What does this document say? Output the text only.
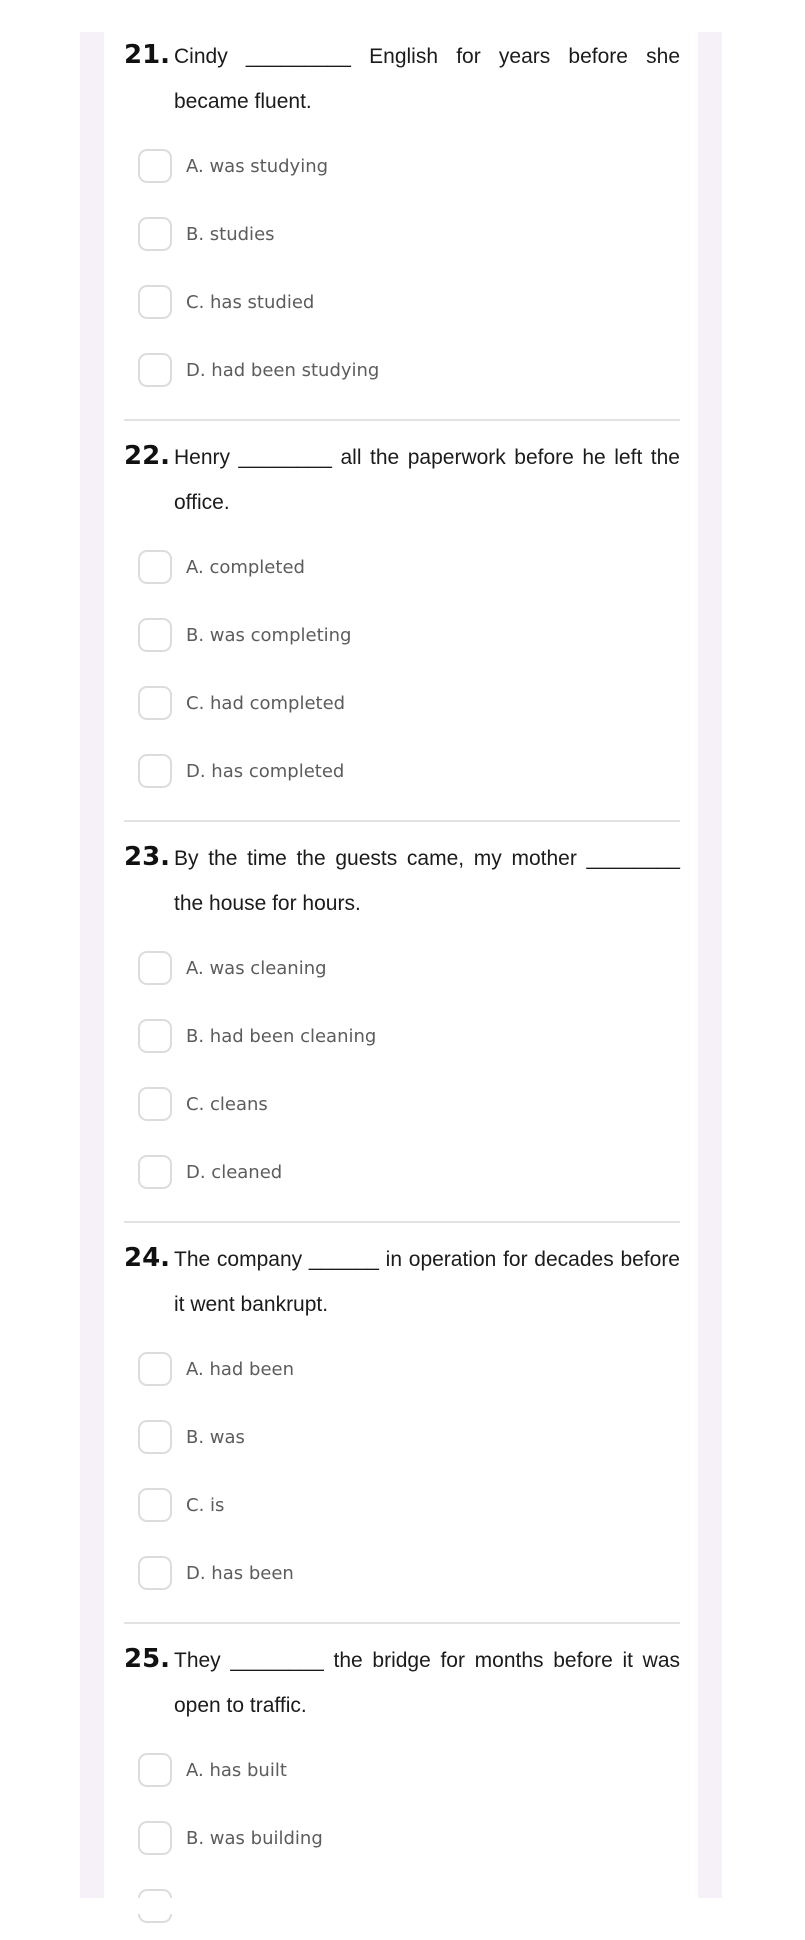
21. Cindy _________ English for years before she became fluent.
A. was studying
B. studies
C. has studied
D. had been studying
22. Henry ________ all the paperwork before he left the office.
A. completed
B. was completing
C. had completed
D. has completed
23. By the time the guests came, my mother ________ the house for hours.
A. was cleaning
B. had been cleaning
C. cleans
D. cleaned
24. The company ______ in operation for decades before it went bankrupt.
A. had been
B. was
C. is
D. has been
25. They ________ the bridge for months before it was open to traffic.
A. has built
B. was building
